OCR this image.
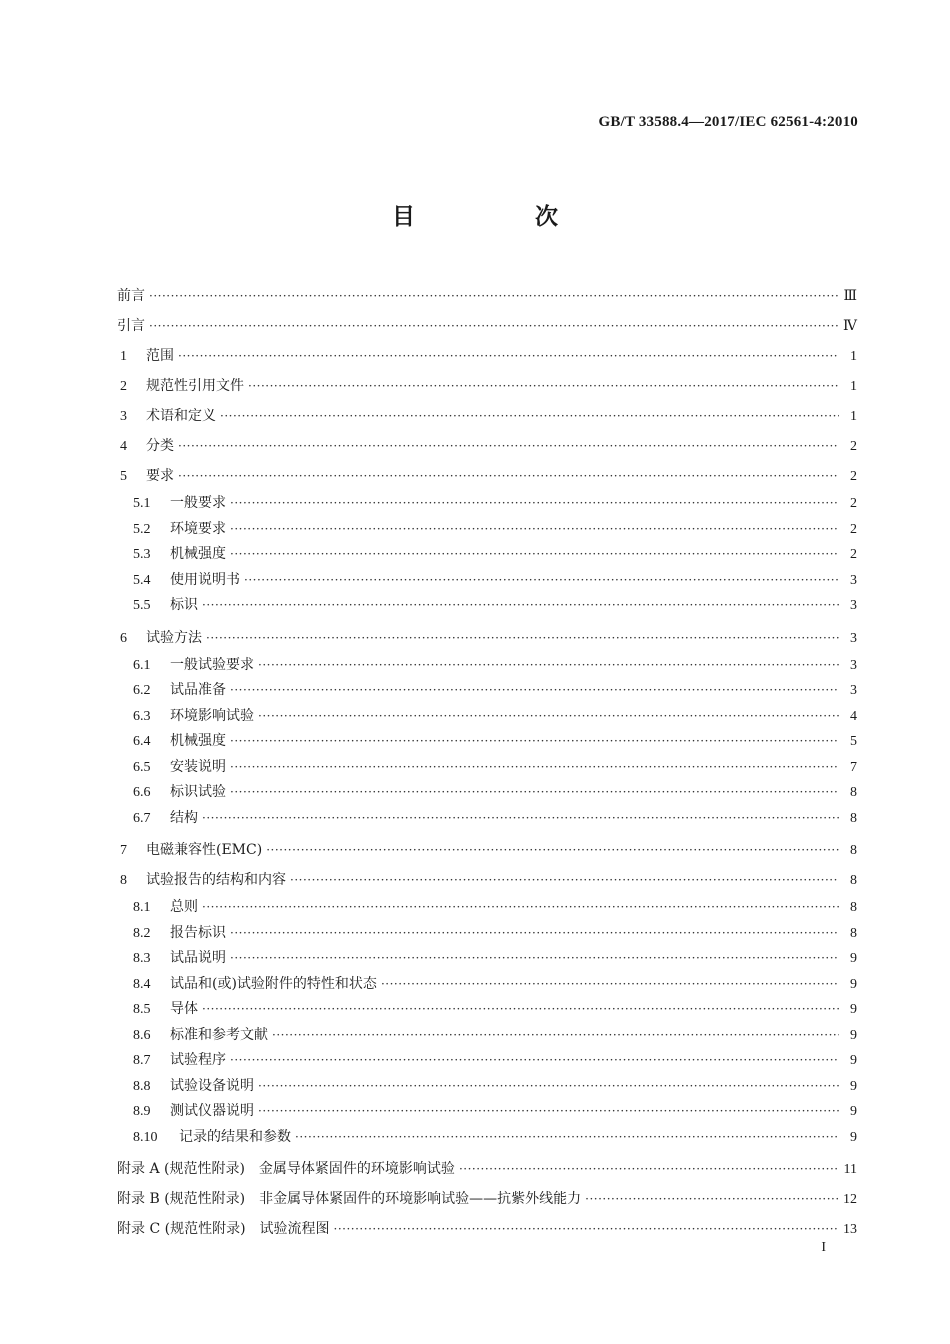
GB/T 33588.4—2017/IEC 62561-4:2010
目 次
前言 ·····	Ⅲ
引言 ·····	Ⅳ
1	范围 ·····	1
2	规范性引用文件 ·····	1
3	术语和定义 ·····	1
4	分类 ·····	2
5	要求 ·····	2
5.1	一般要求 ·····	2
5.2	环境要求 ·····	2
5.3	机械强度 ·····	2
5.4	使用说明书 ·····	3
5.5	标识 ·····	3
6	试验方法 ·····	3
6.1	一般试验要求 ·····	3
6.2	试品准备 ·····	3
6.3	环境影响试验 ·····	4
6.4	机械强度 ·····	5
6.5	安装说明 ·····	7
6.6	标识试验 ·····	8
6.7	结构 ·····	8
7	电磁兼容性(EMC) ·····	8
8	试验报告的结构和内容 ·····	8
8.1	总则 ·····	8
8.2	报告标识 ·····	8
8.3	试品说明 ·····	9
8.4	试品和(或)试验附件的特性和状态 ·····	9
8.5	导体 ·····	9
8.6	标准和参考文献 ·····	9
8.7	试验程序 ·····	9
8.8	试验设备说明 ·····	9
8.9	测试仪器说明 ·····	9
8.10	记录的结果和参数 ·····	9
附录 A (规范性附录)　金属导体紧固件的环境影响试验 ·····	11
附录 B (规范性附录)　非金属导体紧固件的环境影响试验——抗紫外线能力 ·····	12
附录 C (规范性附录)　试验流程图 ·····	13
I
